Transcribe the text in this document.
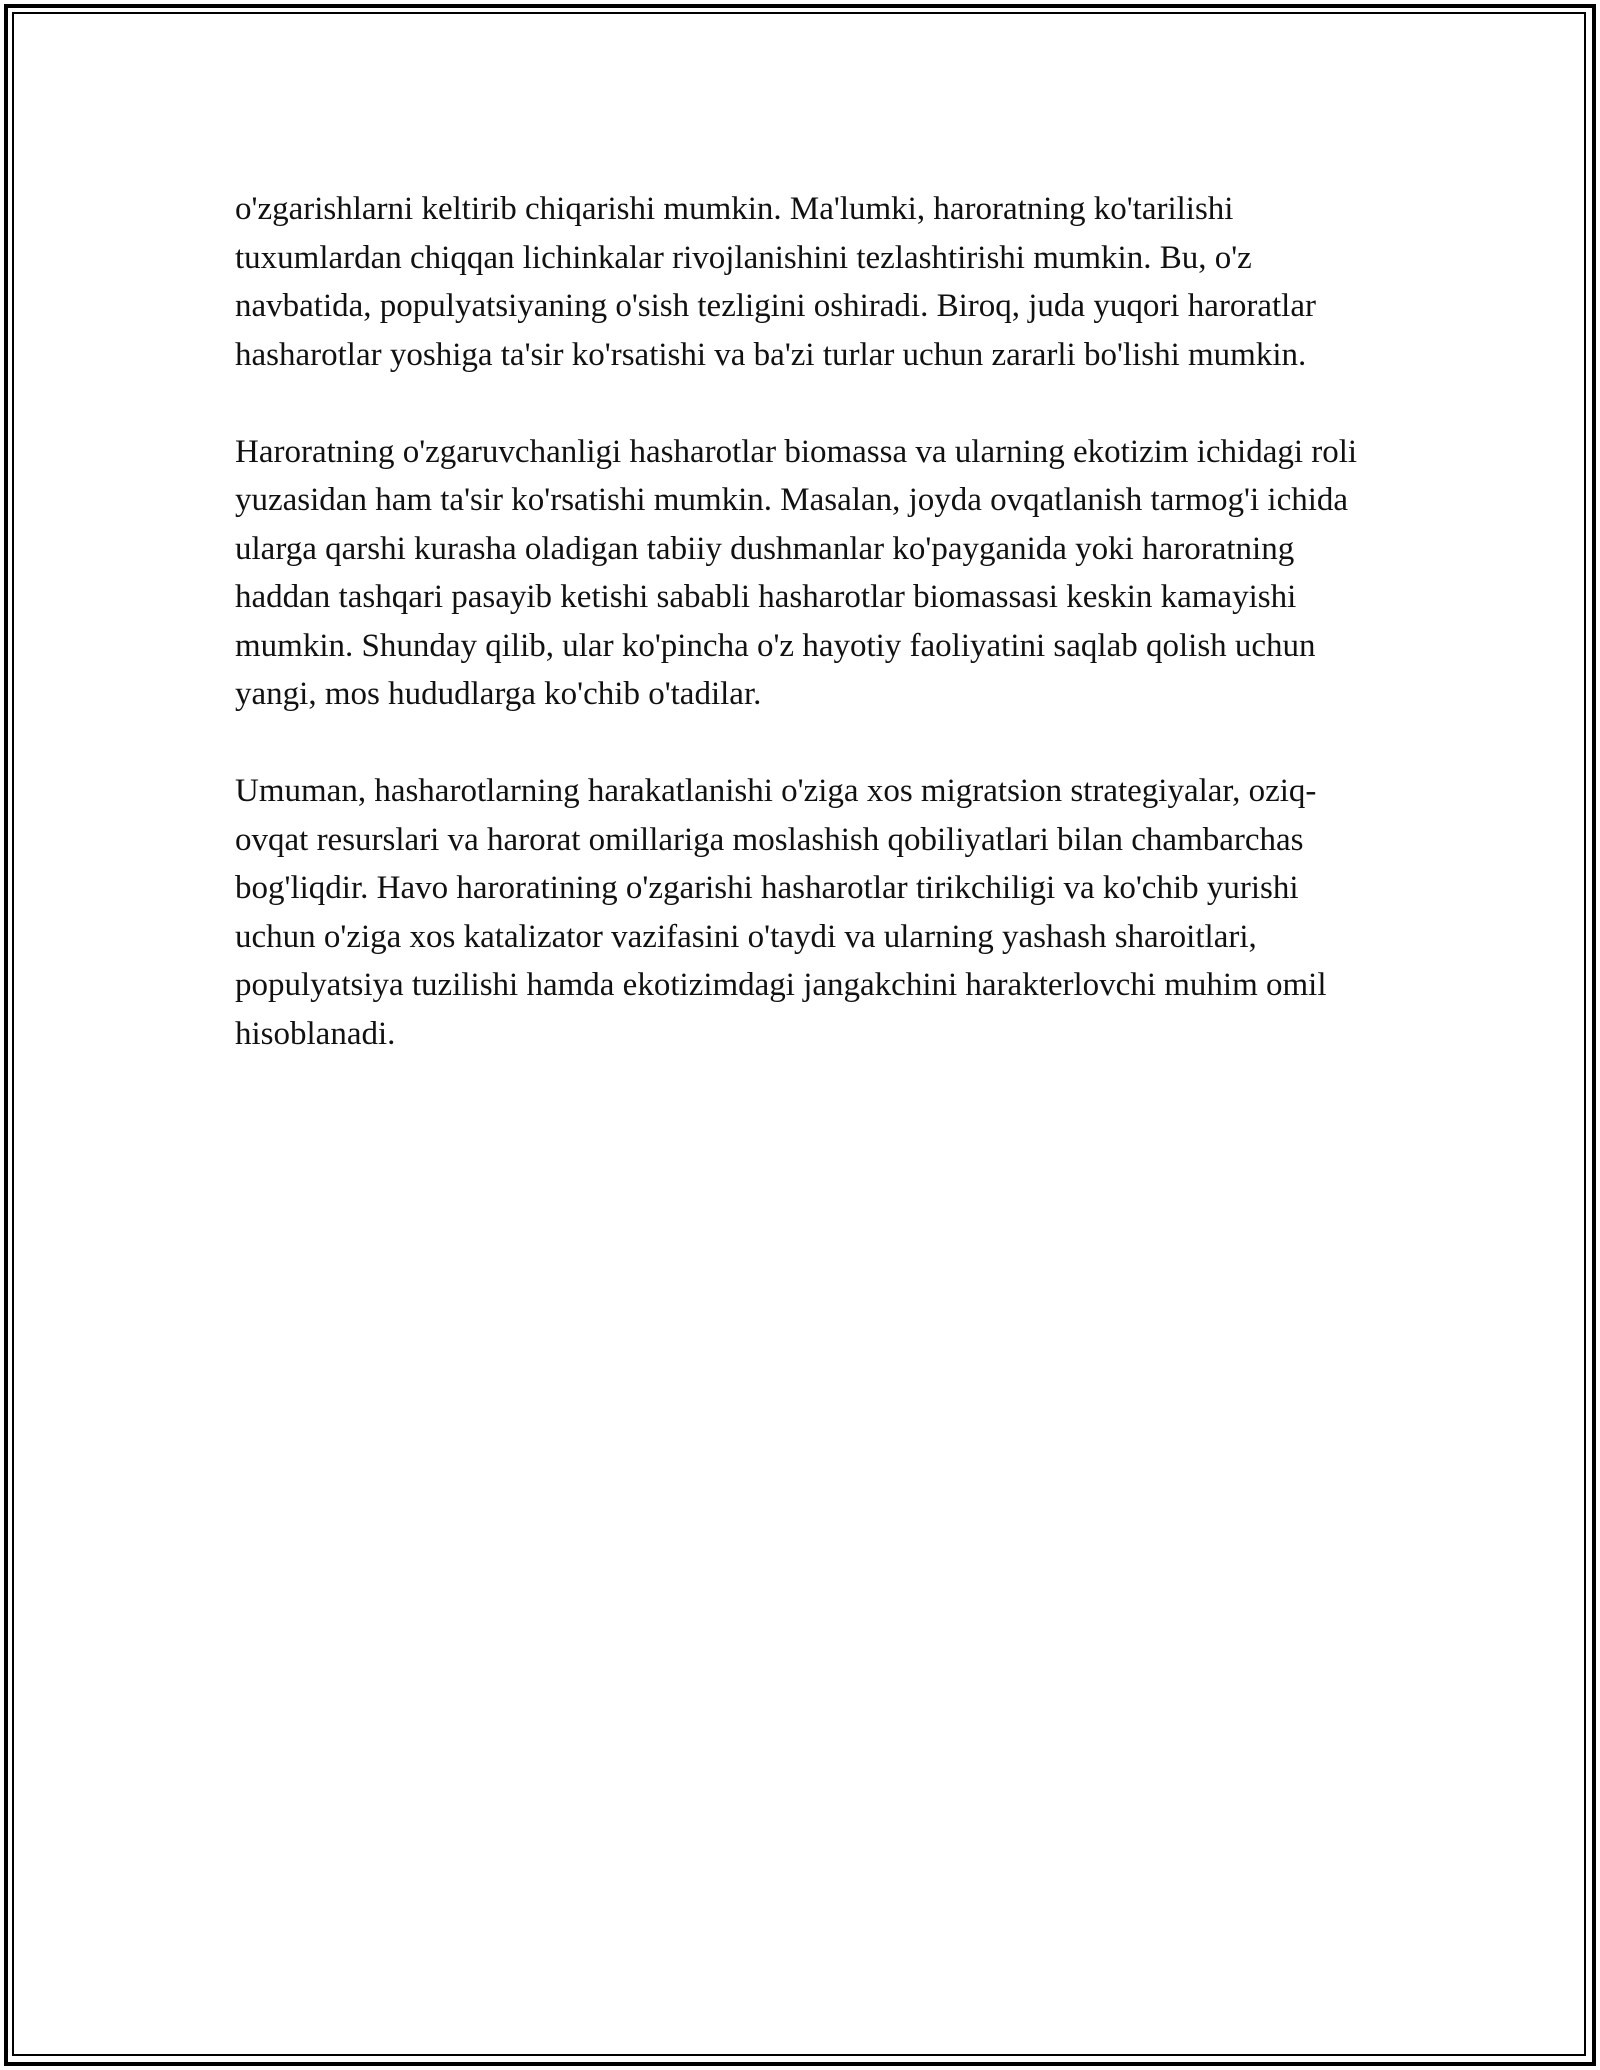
o'zgarishlarni keltirib chiqarishi mumkin. Ma'lumki, haroratning ko'tarilishi tuxumlardan chiqqan lichinkalar rivojlanishini tezlashtirishi mumkin. Bu, o'z navbatida, populyatsiyaning o'sish tezligini oshiradi. Biroq, juda yuqori haroratlar hasharotlar yoshiga ta'sir ko'rsatishi va ba'zi turlar uchun zararli bo'lishi mumkin.

Haroratning o'zgaruvchanligi hasharotlar biomassa va ularning ekotizim ichidagi roli yuzasidan ham ta'sir ko'rsatishi mumkin. Masalan, joyda ovqatlanish tarmog'i ichida ularga qarshi kurasha oladigan tabiiy dushmanlar ko'payganida yoki haroratning haddan tashqari pasayib ketishi sababli hasharotlar biomassasi keskin kamayishi mumkin. Shunday qilib, ular ko'pincha o'z hayotiy faoliyatini saqlab qolish uchun yangi, mos hududlarga ko'chib o'tadilar.

Umuman, hasharotlarning harakatlanishi o'ziga xos migratsion strategiyalar, oziq-ovqat resurslari va harorat omillariga moslashish qobiliyatlari bilan chambarchas bog'liqdir. Havo haroratining o'zgarishi hasharotlar tirikchiligi va ko'chib yurishi uchun o'ziga xos katalizator vazifasini o'taydi va ularning yashash sharoitlari, populyatsiya tuzilishi hamda ekotizimdagi jangakchini harakterlovchi muhim omil hisoblanadi.
